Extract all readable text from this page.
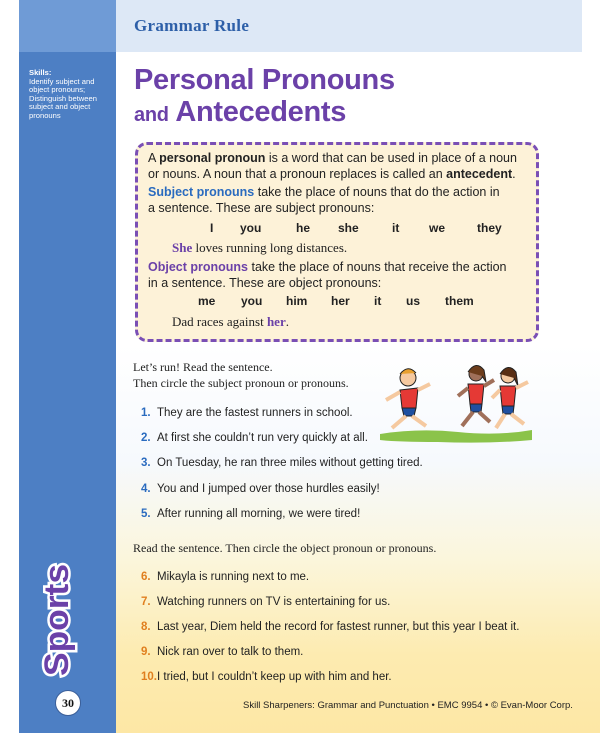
Skills:
Identify subject and object pronouns;
Distinguish between subject and object pronouns
Sports
30
Grammar Rule
Personal Pronouns
and Antecedents
A personal pronoun is a word that can be used in place of a noun
or nouns. A noun that a pronoun replaces is called an antecedent.
Subject pronouns take the place of nouns that do the action in
a sentence. These are subject pronouns:
I you	he she	it we	they
She loves running long distances.
Object pronouns take the place of nouns that receive the action
in a sentence. These are object pronouns:
me you him her it us them
Dad races against her.
Let’s run! Read the sentence.
Then circle the subject pronoun or pronouns.
1. They are the fastest runners in school.
2. At first she couldn’t run very quickly at all.
3. On Tuesday, he ran three miles without getting tired.
4. You and I jumped over those hurdles easily!
5. After running all morning, we were tired!
Read the sentence. Then circle the object pronoun or pronouns.
6. Mikayla is running next to me.
7. Watching runners on TV is entertaining for us.
8. Last year, Diem held the record for fastest runner, but this year I beat it.
9. Nick ran over to talk to them.
10.I tried, but I couldn’t keep up with him and her.
Skill Sharpeners: Grammar and Punctuation • EMC 9954 • © Evan-Moor Corp.
